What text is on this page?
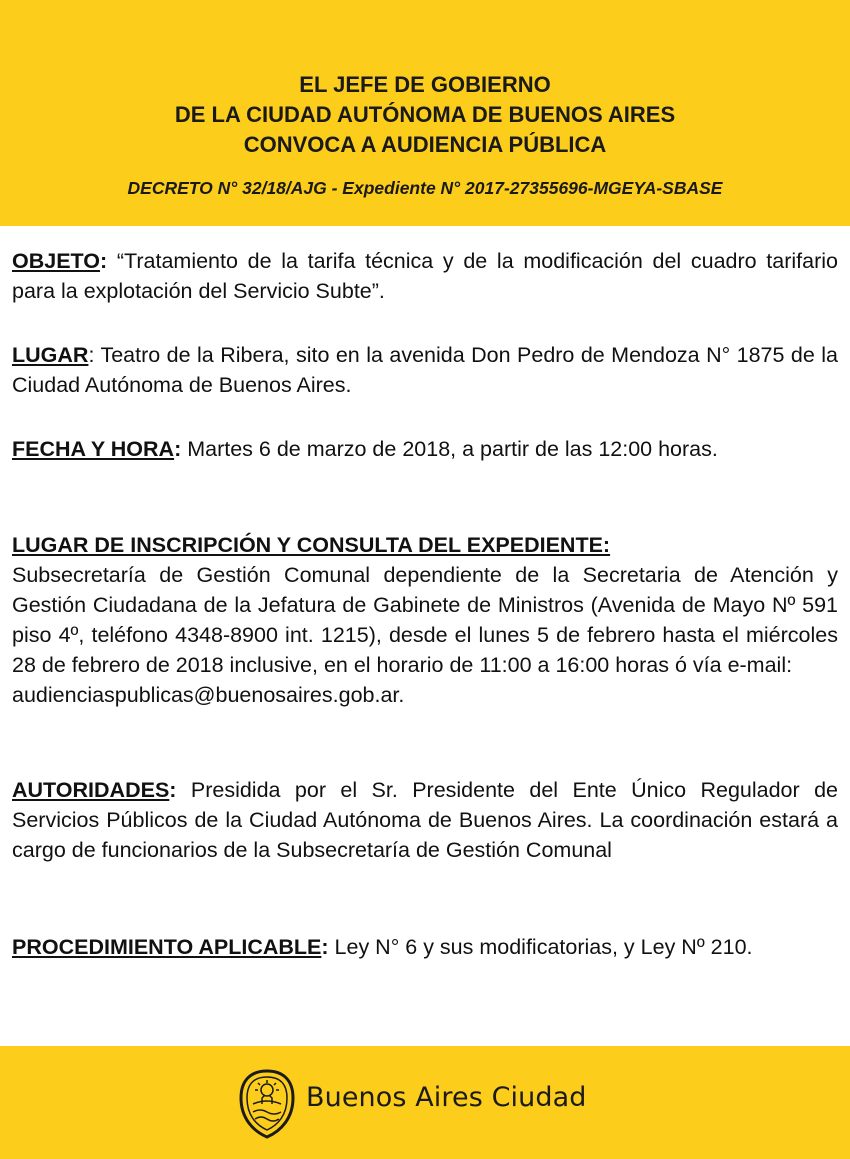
EL JEFE DE GOBIERNO
DE LA CIUDAD AUTÓNOMA DE BUENOS AIRES
CONVOCA A AUDIENCIA PÚBLICA
DECRETO N° 32/18/AJG - Expediente N° 2017-27355696-MGEYA-SBASE
OBJETO: “Tratamiento de la tarifa técnica y de la modificación del cuadro tarifario para la explotación del Servicio Subte”.
LUGAR: Teatro de la Ribera, sito en la avenida Don Pedro de Mendoza N° 1875 de la Ciudad Autónoma de Buenos Aires.
FECHA Y HORA: Martes 6 de marzo de 2018, a partir de las 12:00 horas.
LUGAR DE INSCRIPCIÓN Y CONSULTA DEL EXPEDIENTE:
Subsecretaría de Gestión Comunal dependiente de la Secretaria de Atención y Gestión Ciudadana de la Jefatura de Gabinete de Ministros (Avenida de Mayo Nº 591 piso 4º, teléfono 4348-8900 int. 1215), desde el lunes 5 de febrero hasta el miércoles 28 de febrero de 2018 inclusive, en el horario de 11:00 a 16:00 horas ó vía e-mail:
audienciaspublicas@buenosaires.gob.ar.
AUTORIDADES: Presidida por el Sr. Presidente del Ente Único Regulador de Servicios Públicos de la Ciudad Autónoma de Buenos Aires. La coordinación estará a cargo de funcionarios de la Subsecretaría de Gestión Comunal
PROCEDIMIENTO APLICABLE: Ley N° 6 y sus modificatorias, y Ley Nº 210.
Buenos Aires Ciudad
